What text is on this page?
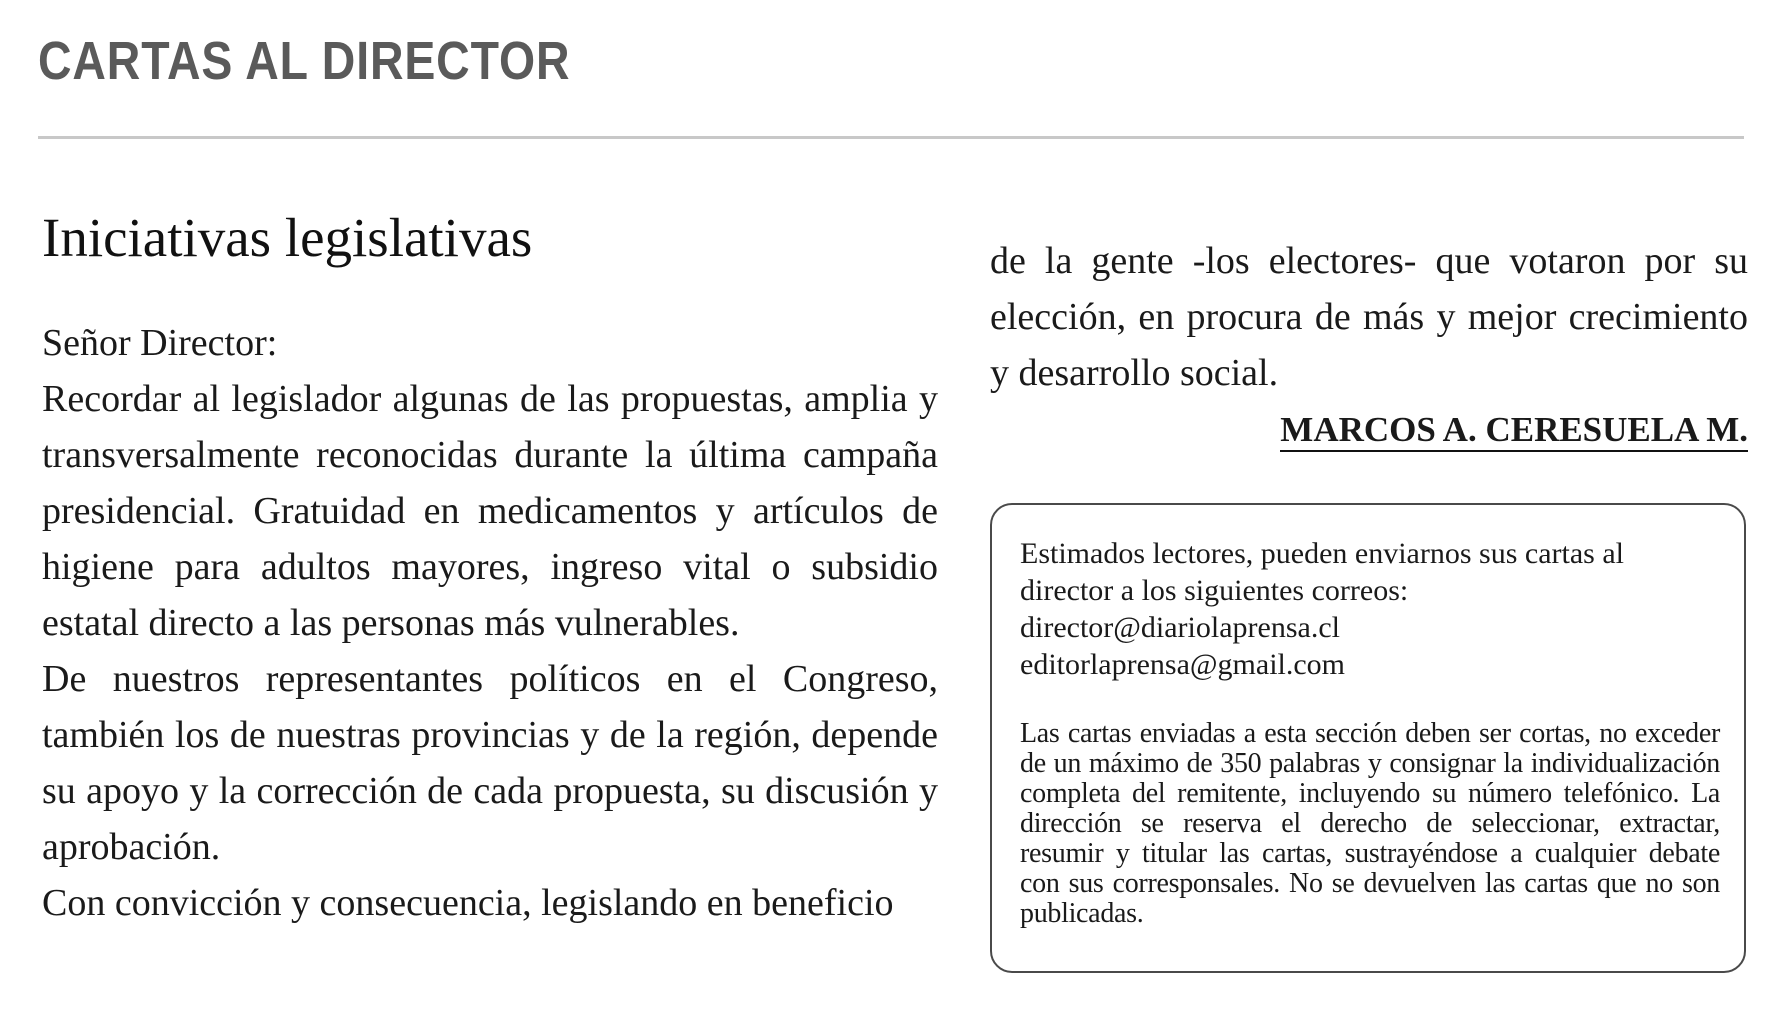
CARTAS AL DIRECTOR
Iniciativas legislativas

Señor Director:

Recordar al legislador algunas de las propuestas, amplia y transversalmente reconocidas durante la última campaña presidencial. Gratuidad en medicamentos y artículos de higiene para adultos mayores, ingreso vital o subsidio estatal directo a las personas más vulnerables.

De nuestros representantes políticos en el Congreso, también los de nuestras provincias y de la región, depende su apoyo y la corrección de cada propuesta, su discusión y aprobación.

Con convicción y consecuencia, legislando en beneficio

de la gente -los electores- que votaron por su elección, en procura de más y mejor crecimiento y desarrollo social.

MARCOS A. CERESUELA M.

Estimados lectores, pueden enviarnos sus cartas al

director a los siguientes correos:

director@diariolaprensa.cl

editorlaprensa@gmail.com

Las cartas enviadas a esta sección deben ser cortas, no exceder de un máximo de 350 palabras y consignar la individualización completa del remitente, incluyendo su número telefónico. La dirección se reserva el derecho de seleccionar, extractar, resumir y titular las cartas, sustrayéndose a cualquier debate con sus corresponsales. No se devuelven las cartas que no son publicadas.
